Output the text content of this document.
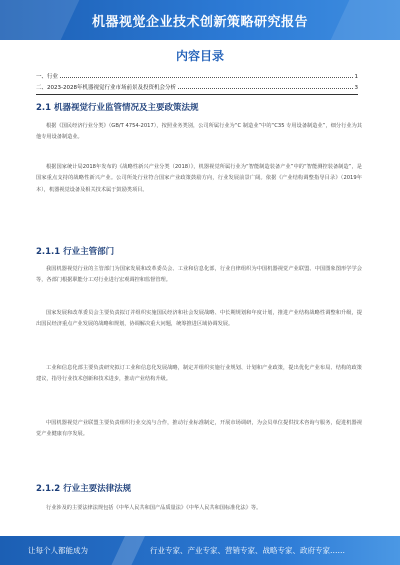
机器视觉企业技术创新策略研究报告
内容目录
一、行业	1
二、2023-2028年机器视觉行业市场前景及投资机会分析	3
2.1 机器视觉行业监管情况及主要政策法规
根据《国民经济行业分类》（GB/T 4754-2017），按照业务类别，公司所属行业为“C 制造业”中的“C35 专用设备制造业”，细分行业为其他专用设备制造业。
根据国家统计局2018年发布的《战略性新兴产业分类（2018）》，机器视觉所属行业为“智能制造装备产业”中的“智能测控装备制造”，是国家重点支持的战略性新兴产业。公司所处行业符合国家产业政策鼓励方向，行业发展前景广阔。依据《产业结构调整指导目录》（2019年本），机器视觉设备及相关技术属于鼓励类项目。
2.1.1 行业主管部门
我国机器视觉行业的主管部门为国家发展和改革委员会、工业和信息化部，行业自律组织为中国机器视觉产业联盟、中国图象图形学学会等，各部门根据职能分工对行业进行宏观调控和监督管理。
国家发展和改革委员会主要负责拟订并组织实施国民经济和社会发展战略、中长期规划和年度计划，推进产业结构战略性调整和升级，提出国民经济重点产业发展的战略和规划，协调解决重大问题，统筹推进区域协调发展。
工业和信息化部主要负责研究拟订工业和信息化发展战略，制定并组织实施行业规划、计划和产业政策，提出优化产业布局、结构的政策建议，指导行业技术创新和技术进步，推动产业结构升级。
中国机器视觉产业联盟主要负责组织行业交流与合作，推动行业标准制定，开展市场调研，为会员单位提供技术咨询与服务，促进机器视觉产业健康有序发展。
2.1.2 行业主要法律法规
行业涉及的主要法律法规包括《中华人民共和国产品质量法》《中华人民共和国标准化法》等。
让每个人都能成为	行业专家、产业专家、营销专家、战略专家、政府专家……
